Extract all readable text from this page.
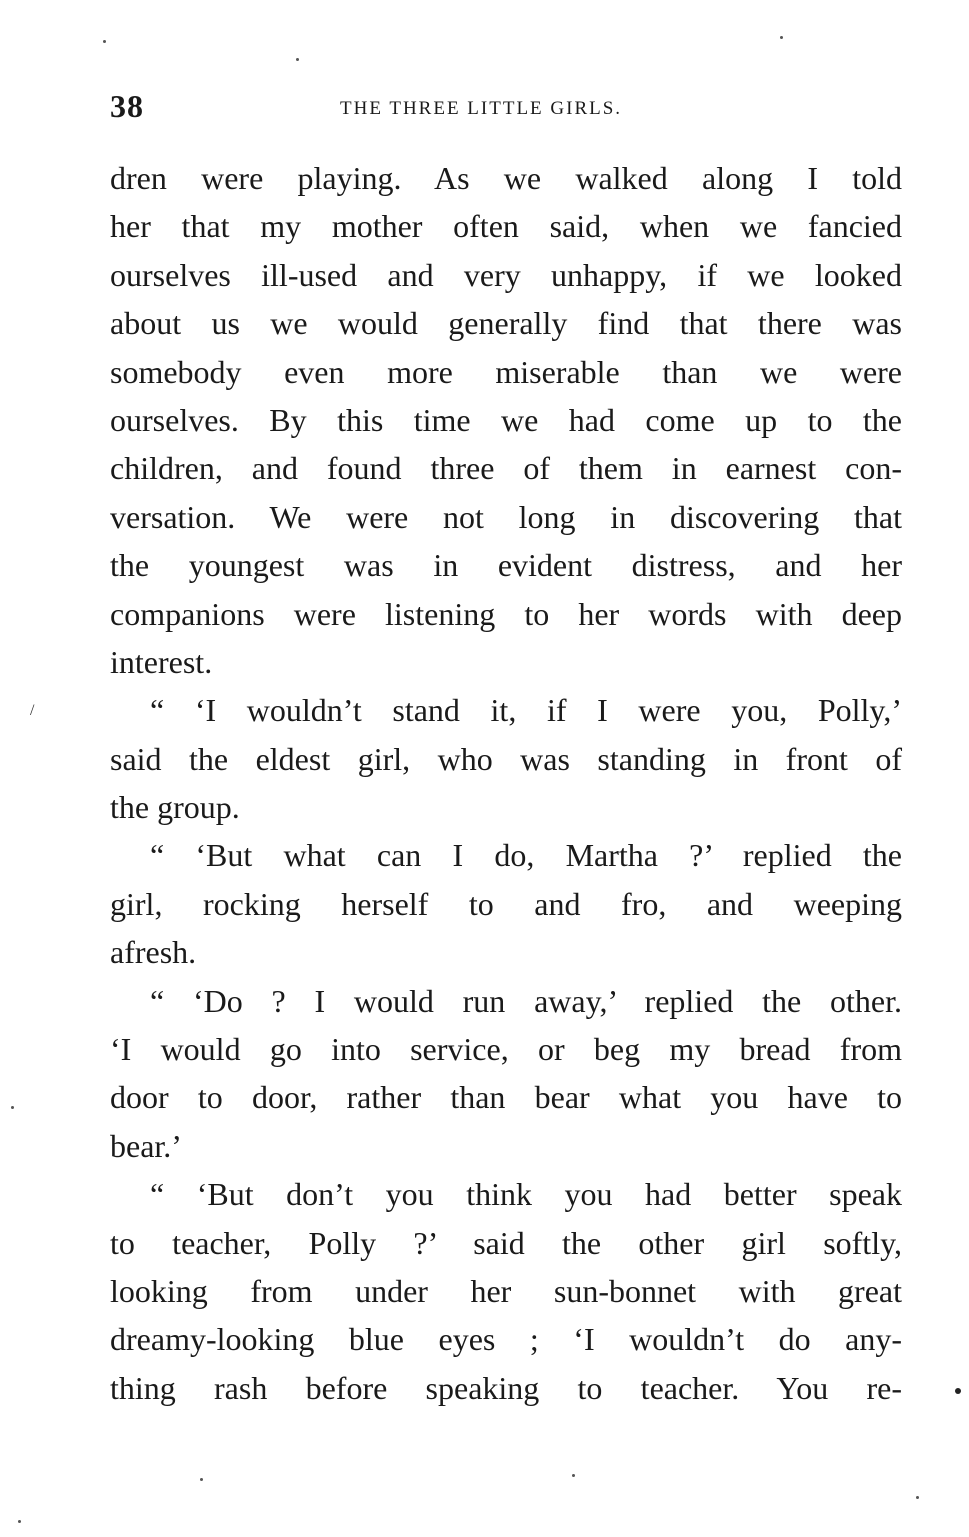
38	THE THREE LITTLE GIRLS.
dren were playing. As we walked along I told
her that my mother often said, when we fancied
ourselves ill-used and very unhappy, if we looked
about us we would generally find that there was
somebody even more miserable than we were
ourselves. By this time we had come up to the
children, and found three of them in earnest con-
versation. We were not long in discovering that
the youngest was in evident distress, and her
companions were listening to her words with deep
interest.
“ ‘I wouldn’t stand it, if I were you, Polly,’
said the eldest girl, who was standing in front of
the group.
“ ‘But what can I do, Martha ?’ replied the
girl, rocking herself to and fro, and weeping
afresh.
“ ‘Do ? I would run away,’ replied the other.
‘I would go into service, or beg my bread from
door to door, rather than bear what you have to
bear.’
“ ‘But don’t you think you had better speak
to teacher, Polly ?’ said the other girl softly,
looking from under her sun-bonnet with great
dreamy-looking blue eyes ; ‘I wouldn’t do any-
thing rash before speaking to teacher. You re-
/
